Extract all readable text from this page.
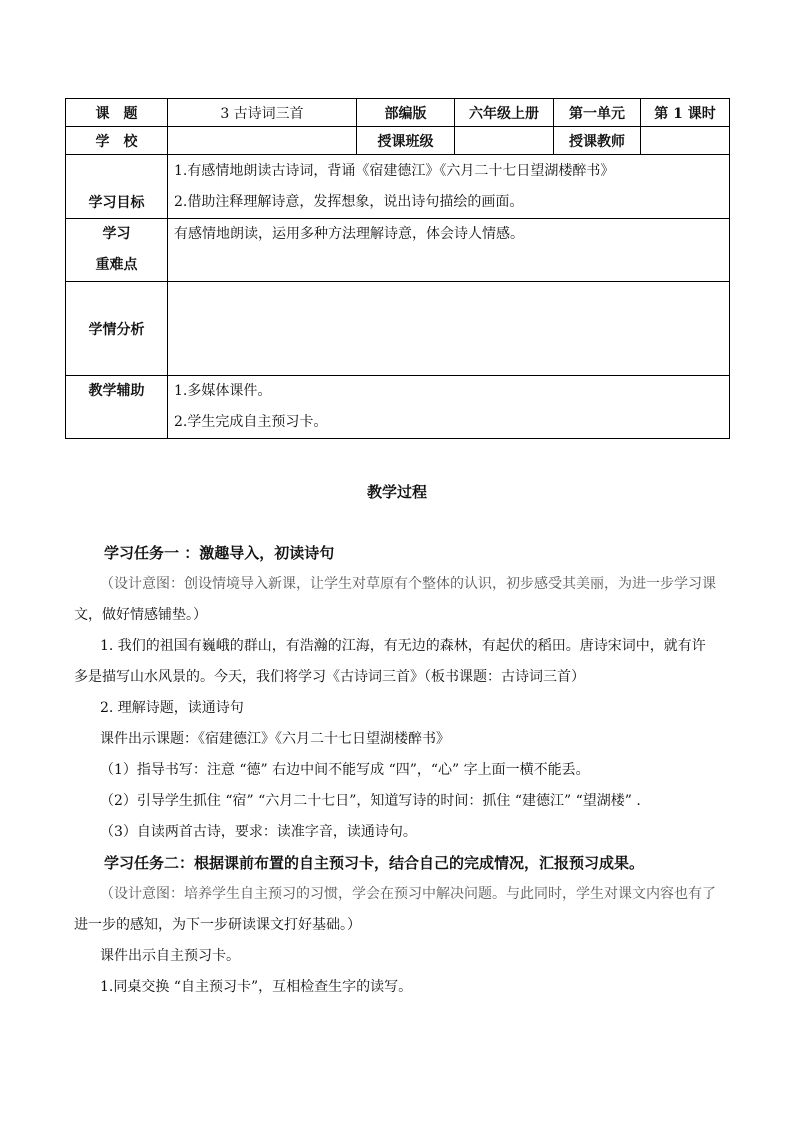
课　题	3 古诗词三首	部编版	六年级上册	第一单元	第 1 课时
学　校		授课班级		授课教师	
学习目标	1.有感情地朗读古诗词，背诵《宿建德江》《六月二十七日望湖楼醉书》
2.借助注释理解诗意，发挥想象，说出诗句描绘的画面。				

学习
重难点	有感情地朗读，运用多种方法理解诗意，体会诗人情感。				
学情分析					
教学辅助	1.多媒体课件。
2.学生完成自主预习卡。				
教学过程

学习任务一 ：激趣导入，初读诗句

（设计意图：创设情境导入新课，让学生对草原有个整体的认识，初步感受其美丽，为进一步学习课

文，做好情感铺垫。）

1. 我们的祖国有巍峨的群山，有浩瀚的江海，有无边的森林，有起伏的稻田。唐诗宋词中，就有许

多是描写山水风景的。今天，我们将学习《古诗词三首》（板书课题：古诗词三首）

2. 理解诗题，读通诗句

课件出示课题：《宿建德江》《六月二十七日望湖楼醉书》

（1）指导书写：注意 “德” 右边中间不能写成 “四”，“心” 字上面一横不能丢。

（2）引导学生抓住 “宿” “六月二十七日”，知道写诗的时间：抓住 “建德江” “望湖楼” .

（3）自读两首古诗，要求：读准字音，读通诗句。

学习任务二：根据课前布置的自主预习卡，结合自己的完成情况，汇报预习成果。

（设计意图：培养学生自主预习的习惯，学会在预习中解决问题。与此同时，学生对课文内容也有了

进一步的感知，为下一步研读课文打好基础。）

课件出示自主预习卡。

1.同桌交换 “自主预习卡”，互相检查生字的读写。
